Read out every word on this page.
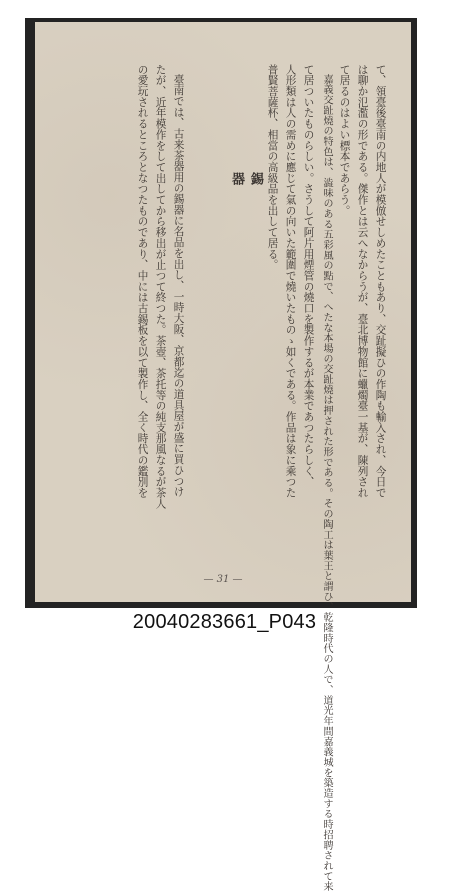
て、領臺後臺南の内地人が模倣せしめたこともあり、交趾擬ひの作陶も輸入され、今日で
は聊か氾濫の形である。傑作とは云へなからうが、臺北博物館に蠟燭臺一基が、陳列され
て居るのはよい標本であらう。
嘉義交趾燒の特色は、澁味のある五彩風の點で、へたな本場の交趾燒は押された形である。その陶工は葉王と謂ひ、乾隆時代の人で、道光年間嘉義城を築造する時招聘されて来
て居ついたものらしい。さうして阿片用煙管の燒口を製作するが本業であつたらしく、
人形類は人の需めに應じて氣の向いた範圍で燒いたものゝ如くである。作品は象に乘つた
普賢菩薩杯、相當の高級品を出して居る。
錫
器
臺南では、古来茶器用の錫器に名品を出し、一時大阪、京都迄の道具屋が盛に買ひつけ
たが、近年模作をして出してから移出が止つて終つた。茶壺、茶托等の純支那風なるが茶人
の愛玩されるところとなつたものであり、中には古錫板を以て製作し、全く時代の鑑別を
— 31 —
20040283661_P043
